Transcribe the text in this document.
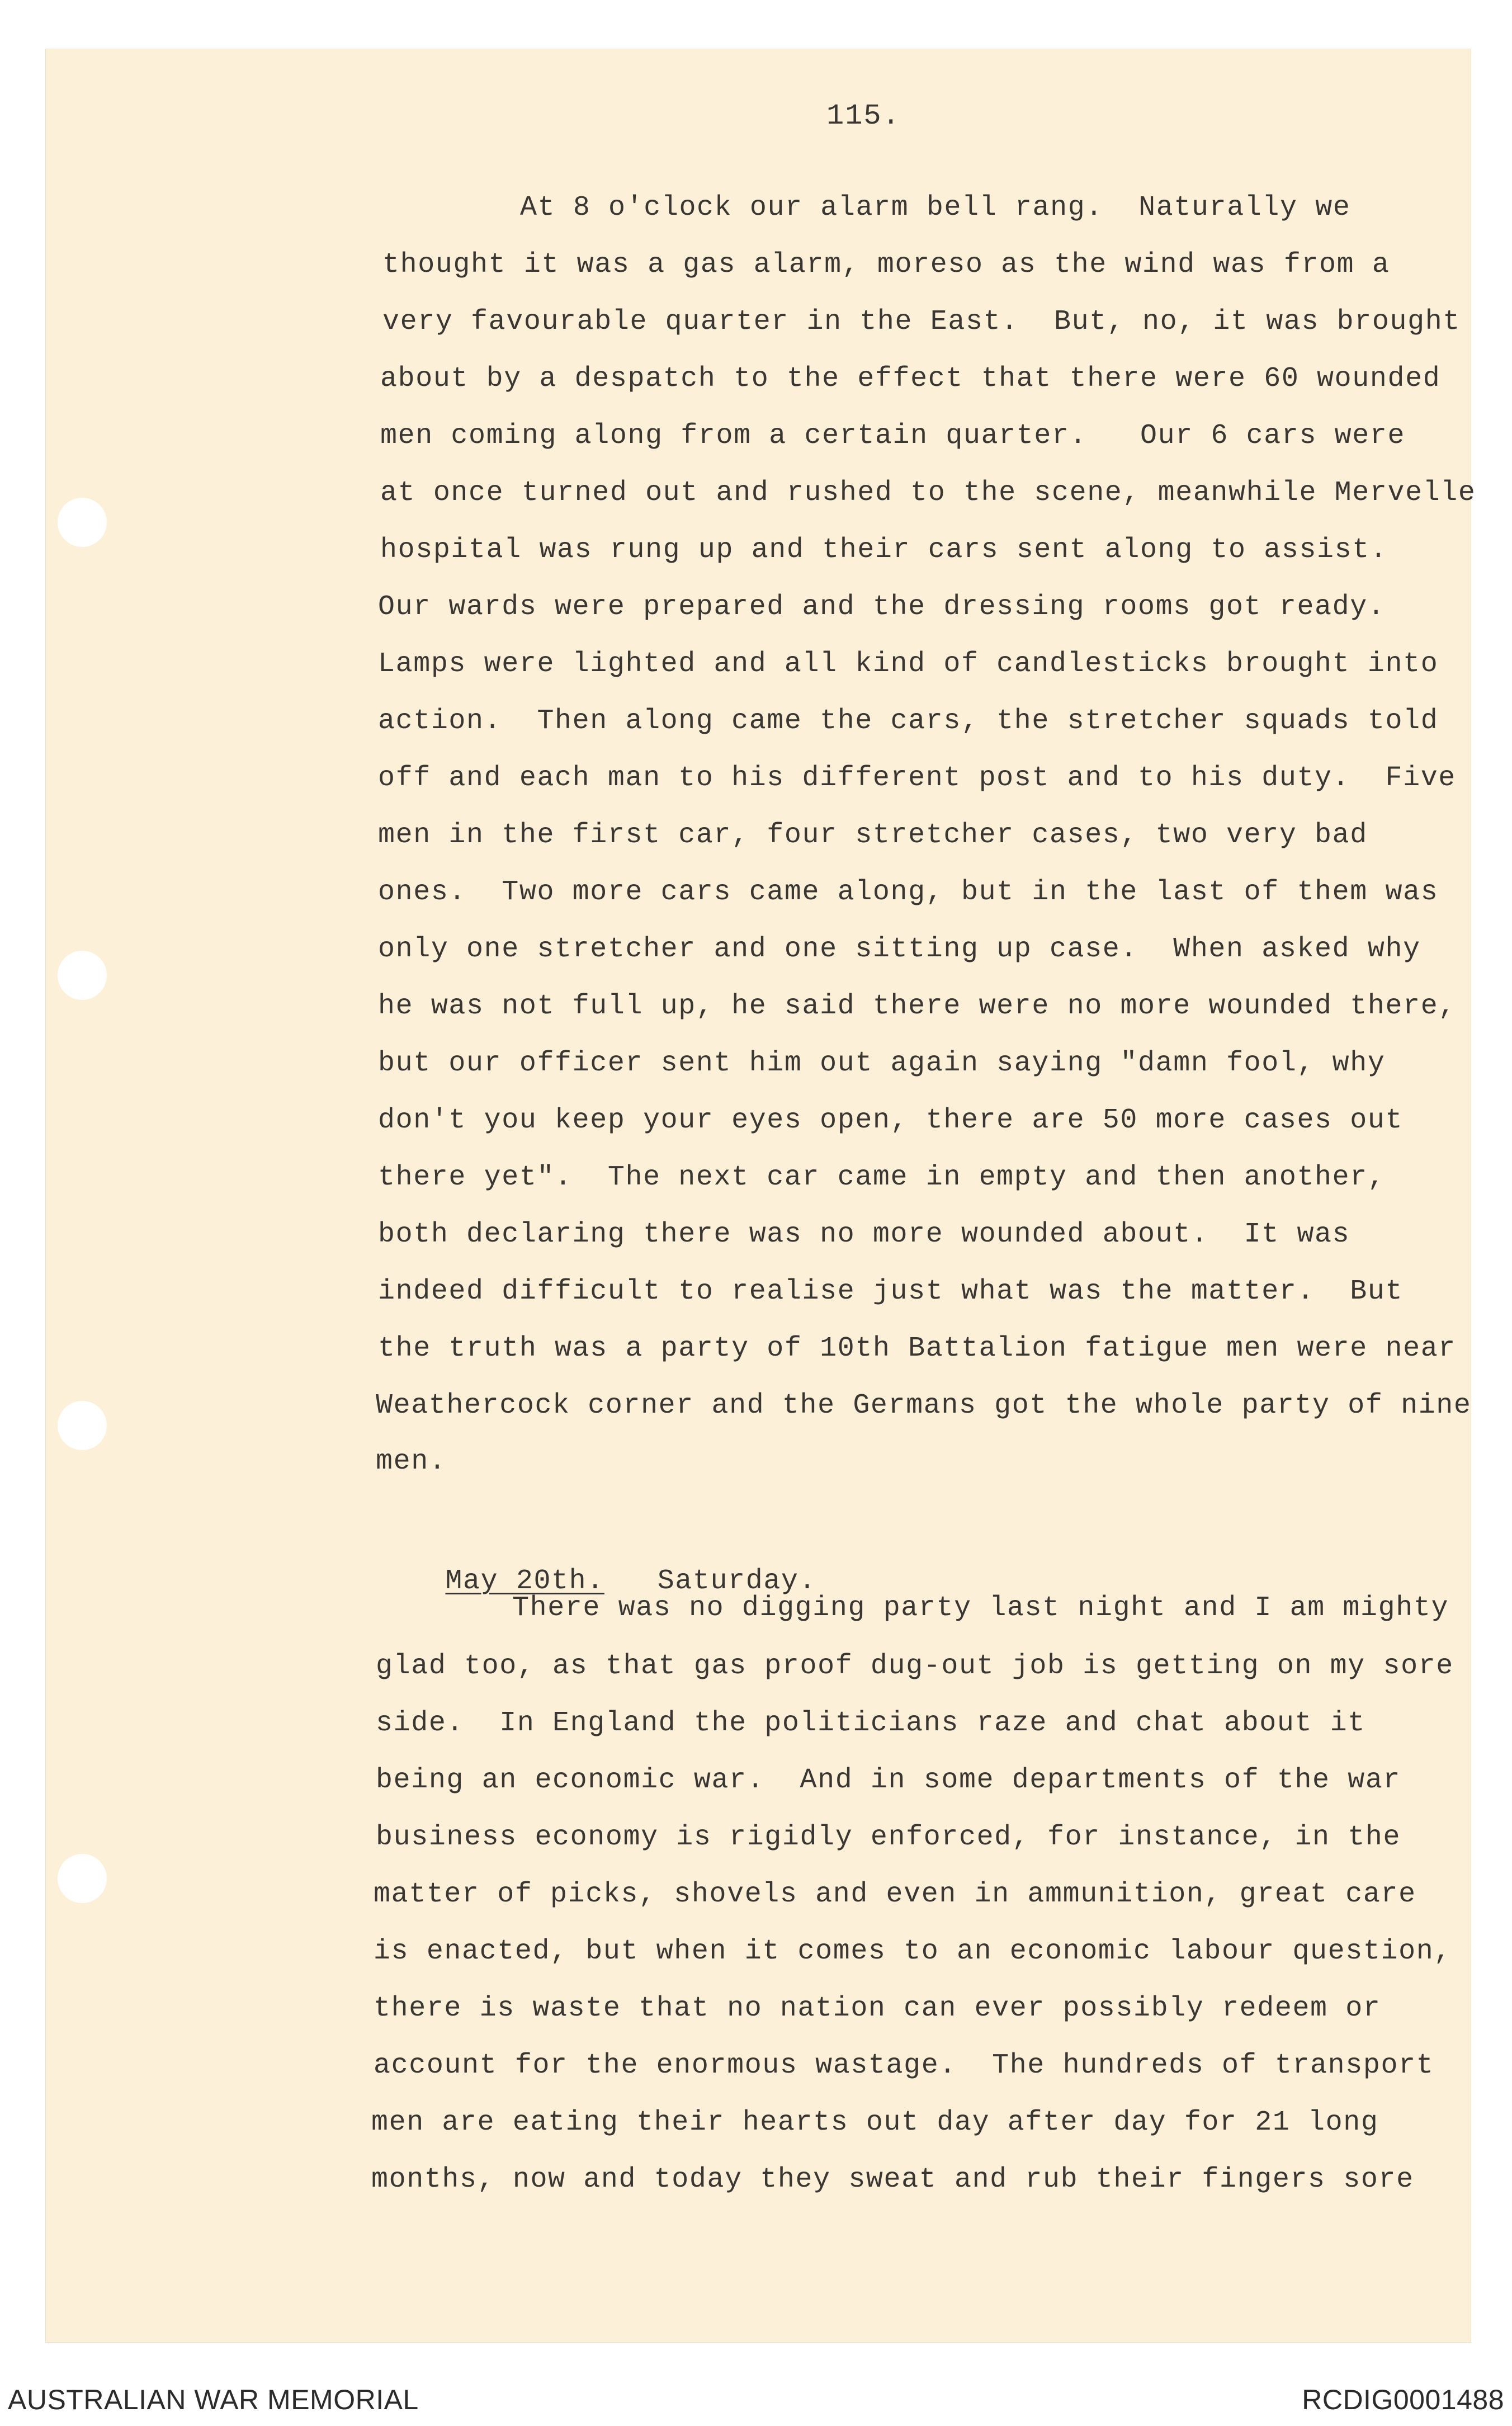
115.
At 8 o'clock our alarm bell rang.  Naturally we
thought it was a gas alarm, moreso as the wind was from a
very favourable quarter in the East.  But, no, it was brought
about by a despatch to the effect that there were 60 wounded
men coming along from a certain quarter.   Our 6 cars were
at once turned out and rushed to the scene, meanwhile Mervelle
hospital was rung up and their cars sent along to assist.
Our wards were prepared and the dressing rooms got ready.
Lamps were lighted and all kind of candlesticks brought into
action.  Then along came the cars, the stretcher squads told
off and each man to his different post and to his duty.  Five
men in the first car, four stretcher cases, two very bad
ones.  Two more cars came along, but in the last of them was
only one stretcher and one sitting up case.  When asked why
he was not full up, he said there were no more wounded there,
but our officer sent him out again saying "damn fool, why
don't you keep your eyes open, there are 50 more cases out
there yet".  The next car came in empty and then another,
both declaring there was no more wounded about.  It was
indeed difficult to realise just what was the matter.  But
the truth was a party of 10th Battalion fatigue men were near
Weathercock corner and the Germans got the whole party of nine
men.

May 20th. Saturday.

There was no digging party last night and I am mighty
glad too, as that gas proof dug-out job is getting on my sore
side.  In England the politicians raze and chat about it
being an economic war.  And in some departments of the war
business economy is rigidly enforced, for instance, in the
matter of picks, shovels and even in ammunition, great care
is enacted, but when it comes to an economic labour question,
there is waste that no nation can ever possibly redeem or
account for the enormous wastage.  The hundreds of transport
men are eating their hearts out day after day for 21 long
months, now and today they sweat and rub their fingers sore
AUSTRALIAN WAR MEMORIAL	RCDIG0001488
